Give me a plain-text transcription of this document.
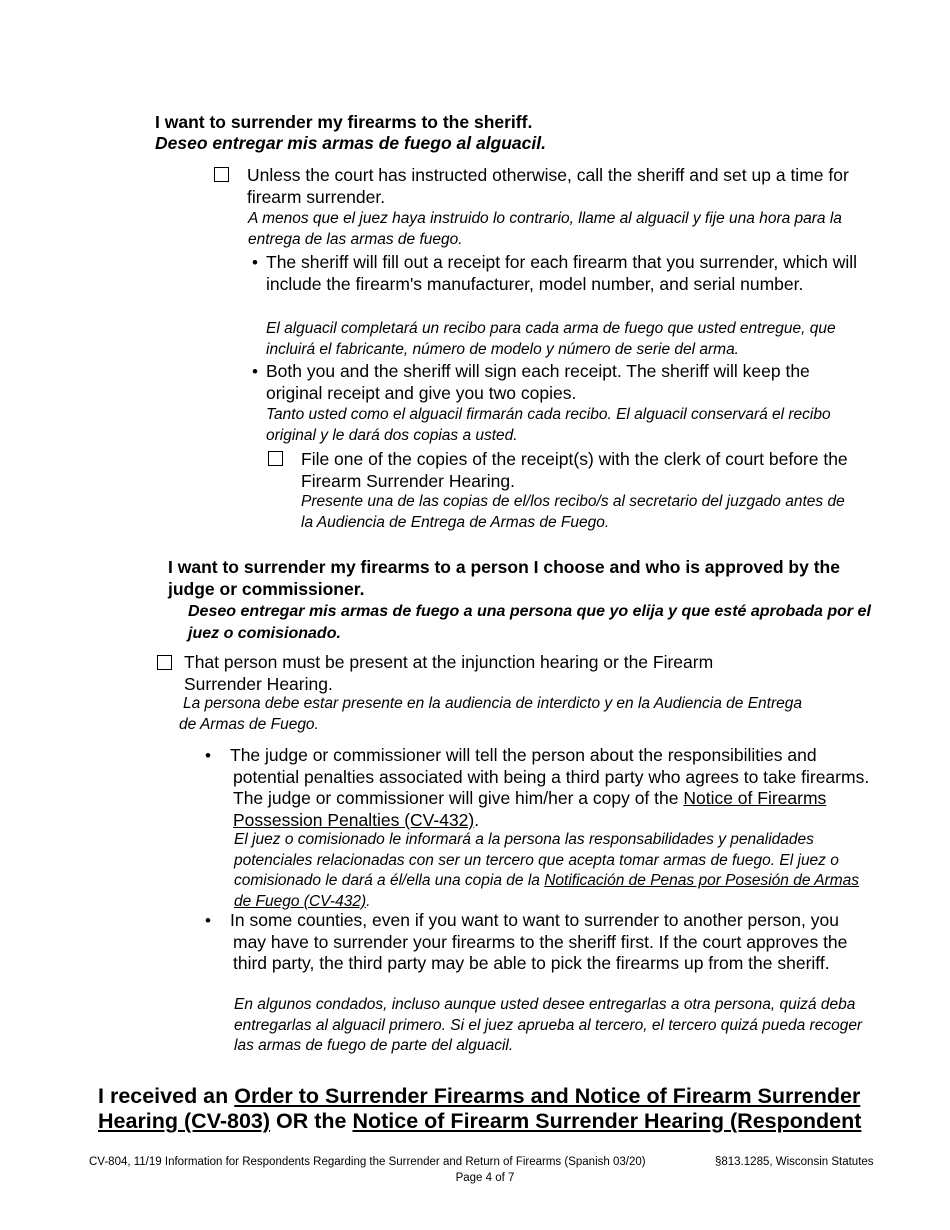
I want to surrender my firearms to the sheriff.
Deseo entregar mis armas de fuego al alguacil.
Unless the court has instructed otherwise, call the sheriff and set up a time for firearm surrender.
A menos que el juez haya instruido lo contrario, llame al alguacil y fije una hora para la entrega de las armas de fuego.
• The sheriff will fill out a receipt for each firearm that you surrender, which will include the firearm's manufacturer, model number, and serial number.
El alguacil completará un recibo para cada arma de fuego que usted entregue, que incluirá el fabricante, número de modelo y número de serie del arma.
• Both you and the sheriff will sign each receipt. The sheriff will keep the original receipt and give you two copies.
Tanto usted como el alguacil firmarán cada recibo. El alguacil conservará el recibo original y le dará dos copias a usted.
File one of the copies of the receipt(s) with the clerk of court before the Firearm Surrender Hearing.
Presente una de las copias de el/los recibo/s al secretario del juzgado antes de la Audiencia de Entrega de Armas de Fuego.
I want to surrender my firearms to a person I choose and who is approved by the judge or commissioner.
Deseo entregar mis armas de fuego a una persona que yo elija y que esté aprobada por el juez o comisionado.
That person must be present at the injunction hearing or the Firearm Surrender Hearing.
La persona debe estar presente en la audiencia de interdicto y en la Audiencia de Entrega de Armas de Fuego.
• The judge or commissioner will tell the person about the responsibilities and potential penalties associated with being a third party who agrees to take firearms. The judge or commissioner will give him/her a copy of the Notice of Firearms Possession Penalties (CV-432).
El juez o comisionado le informará a la persona las responsabilidades y penalidades potenciales relacionadas con ser un tercero que acepta tomar armas de fuego. El juez o comisionado le dará a él/ella una copia de la Notificación de Penas por Posesión de Armas de Fuego (CV-432).
• In some counties, even if you want to want to surrender to another person, you may have to surrender your firearms to the sheriff first. If the court approves the third party, the third party may be able to pick the firearms up from the sheriff.
En algunos condados, incluso aunque usted desee entregarlas a otra persona, quizá deba entregarlas al alguacil primero. Si el juez aprueba al tercero, el tercero quizá pueda recoger las armas de fuego de parte del alguacil.
I received an Order to Surrender Firearms and Notice of Firearm Surrender Hearing (CV-803) OR the Notice of Firearm Surrender Hearing (Respondent
CV-804, 11/19 Information for Respondents Regarding the Surrender and Return of Firearms (Spanish 03/20)	§813.1285, Wisconsin Statutes
Page 4 of 7
